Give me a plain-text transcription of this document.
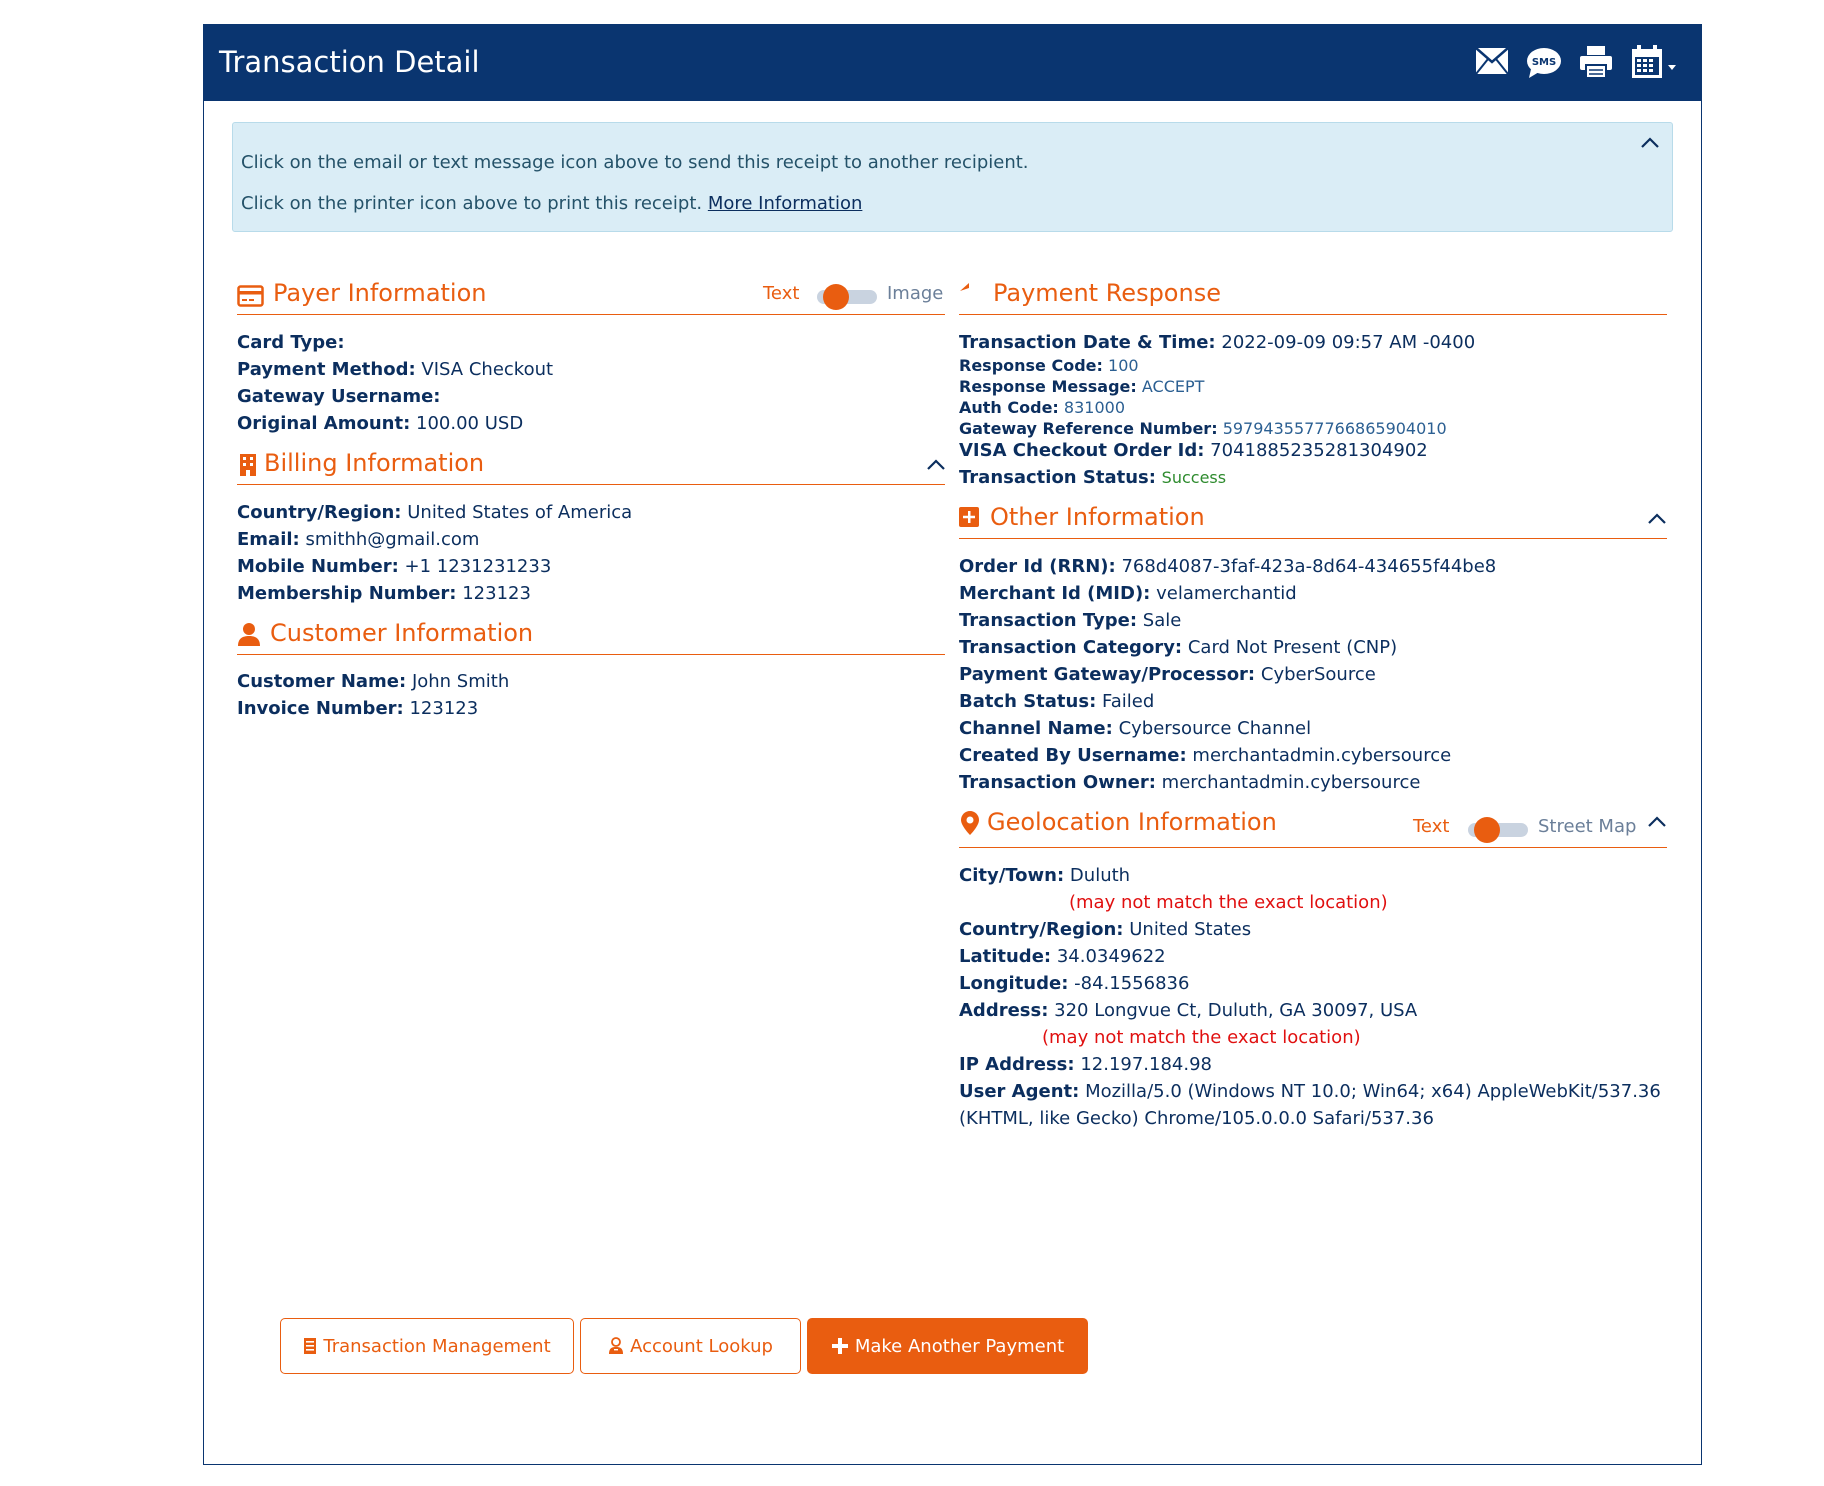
Transaction Detail	SMS
Click on the email or text message icon above to send this receipt to another recipient.
Click on the printer icon above to print this receipt. More Information
Payer Information	Text	Image
Card Type:
Payment Method: VISA Checkout
Gateway Username:
Original Amount: 100.00 USD
Billing Information
Country/Region: United States of America
Email: smithh@gmail.com
Mobile Number: +1 1231231233
Membership Number: 123123
Customer Information
Customer Name: John Smith
Invoice Number: 123123
Payment Response
Transaction Date & Time: 2022-09-09 09:57 AM -0400
Response Code: 100
Response Message: ACCEPT
Auth Code: 831000
Gateway Reference Number: 5979435577766865904010
VISA Checkout Order Id: 7041885235281304902
Transaction Status: Success
Other Information
Order Id (RRN): 768d4087-3faf-423a-8d64-434655f44be8
Merchant Id (MID): velamerchantid
Transaction Type: Sale
Transaction Category: Card Not Present (CNP)
Payment Gateway/Processor: CyberSource
Batch Status: Failed
Channel Name: Cybersource Channel
Created By Username: merchantadmin.cybersource
Transaction Owner: merchantadmin.cybersource
Geolocation Information	Text	Street Map
City/Town: Duluth
(may not match the exact location)
Country/Region: United States
Latitude: 34.0349622
Longitude: -84.1556836
Address: 320 Longvue Ct, Duluth, GA 30097, USA
(may not match the exact location)
IP Address: 12.197.184.98
User Agent: Mozilla/5.0 (Windows NT 10.0; Win64; x64) AppleWebKit/537.36
(KHTML, like Gecko) Chrome/105.0.0.0 Safari/537.36
Transaction Management	Account Lookup	Make Another Payment
